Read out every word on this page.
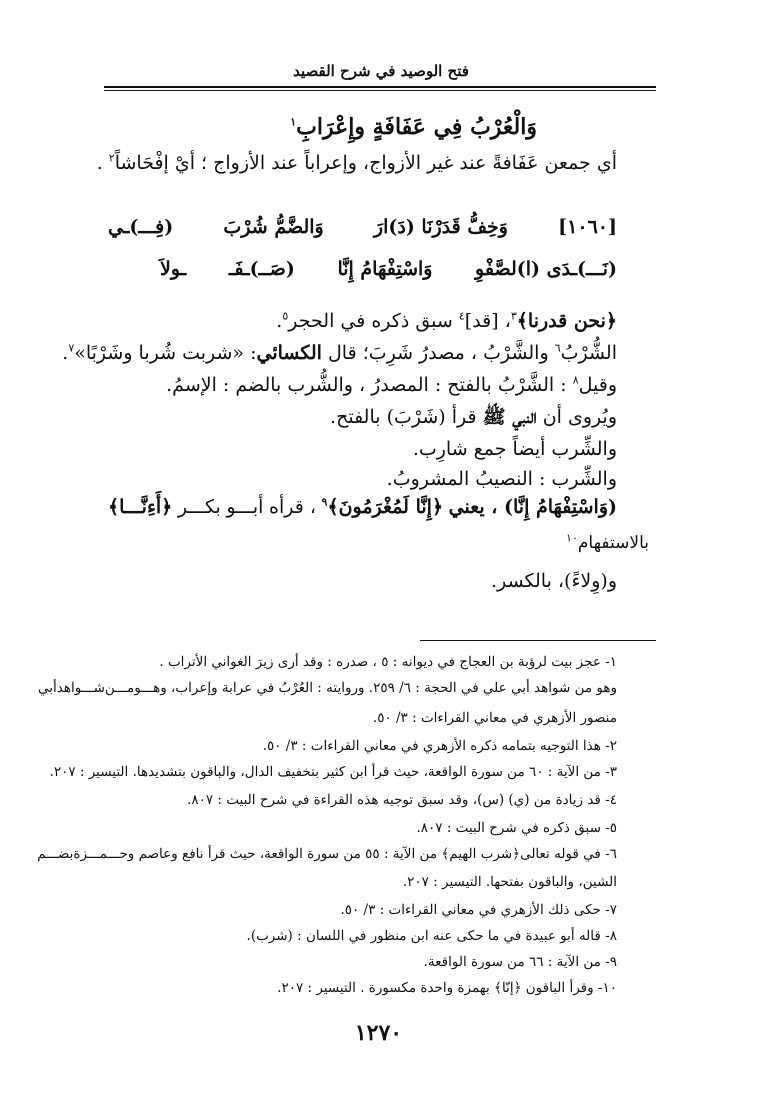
فتح الوصيد في شرح القصيد
وَالْعُرْبُ فِي عَفَافَةٍ وإِعْرَابِ$^١$
أي جمعن عَفَافةً عند غير الأزواج، وإعراباً عند الأزواج ؛ أيْ إفْحَاشاً$^٢$ .
[١٠٦٠]
وَخِفُّ قَدَرْنَا (دَ)ارَ
وَالضَّمُّ شُرْبَ
(فِـــ)ـي
(نَـــ)ـدَى (ا)لصَّفْوِ
وَاسْتِفْهَامُ إِنَّا
(صَــ)ـفَـ
ـولاَ
﴿نحن قدرنا﴾$^٣$، [قد]$^٤$ سبق ذكره في الحجر$^٥$.
الشُّرْبُ$^٦$ والشَّرْبُ ، مصدرُ شَرِبَ؛ قال الكسائي: «شربت شُربا وشَرْبًا»$^٧$.
وقيل$^٨$ : الشَّرْبُ بالفتح : المصدرُ ، والشُّرب بالضم : الإسمُ.
ويُروى أن النبي ﷺ قرأ (شَرْبَ) بالفتح.
والشِّرب أيضاً جمع شارِب.
والشِّرب : النصيبُ المشروبُ.
(وَاسْتِفْهَامُ إِنَّا) ، يعني
﴿إِنَّا لَمُغْرَمُونَ﴾$^٩$
، قرأه
أبـــو
بكـــر
﴿أَءِنَّـــا﴾
بالاستفهام$^{١٠}$
و(وِلاءً)، بالكسر.
١- عجز بيت لرؤبة بن العجاج في ديوانه : ٥ ، صدره : وقد أرى زيرَ الغواني الأتراب .
وهو من شواهد أبي علي في الحجة : ٦/ ٢٥٩. وروايته : العُرْبُ في عرابة وإعراب، وهـــو
مـــن
شـــواهد
أبي
منصور الأزهري في معاني القراءات : ٣/ ٥٠.
٢- هذا التوجيه بتمامه ذكره الأزهري في معاني القراءات : ٣/ ٥٠.
٣- من الآية : ٦٠ من سورة الواقعة، حيث قرأ ابن كثير بتخفيف الدال، والباقون بتشديدها. التيسير : ٢٠٧.
٤- قد زيادة من (ي) (س)، وقد سبق توجيه هذه القراءة في شرح البيت : ٨٠٧.
٥- سبق ذكره في شرح البيت : ٨٠٧.
٦- في قوله تعالى﴿شرب الهيم﴾ من الآية : ٥٥ من سورة الواقعة، حيث قرأ نافع وعاصم وحـــمـــزة
بضـــم
الشين، والباقون بفتحها. التيسير : ٢٠٧.
٧- حكى ذلك الأزهري في معاني القراءات : ٣/ ٥٠.
٨- قاله أبو عبيدة في ما حكى عنه ابن منظور في اللسان : (شرب).
٩- من الآية : ٦٦ من سورة الواقعة.
١٠- وقرأ الباقون ﴿إنّا﴾ بهمزة واحدة مكسورة . التيسير : ٢٠٧.
١٢٧٠
